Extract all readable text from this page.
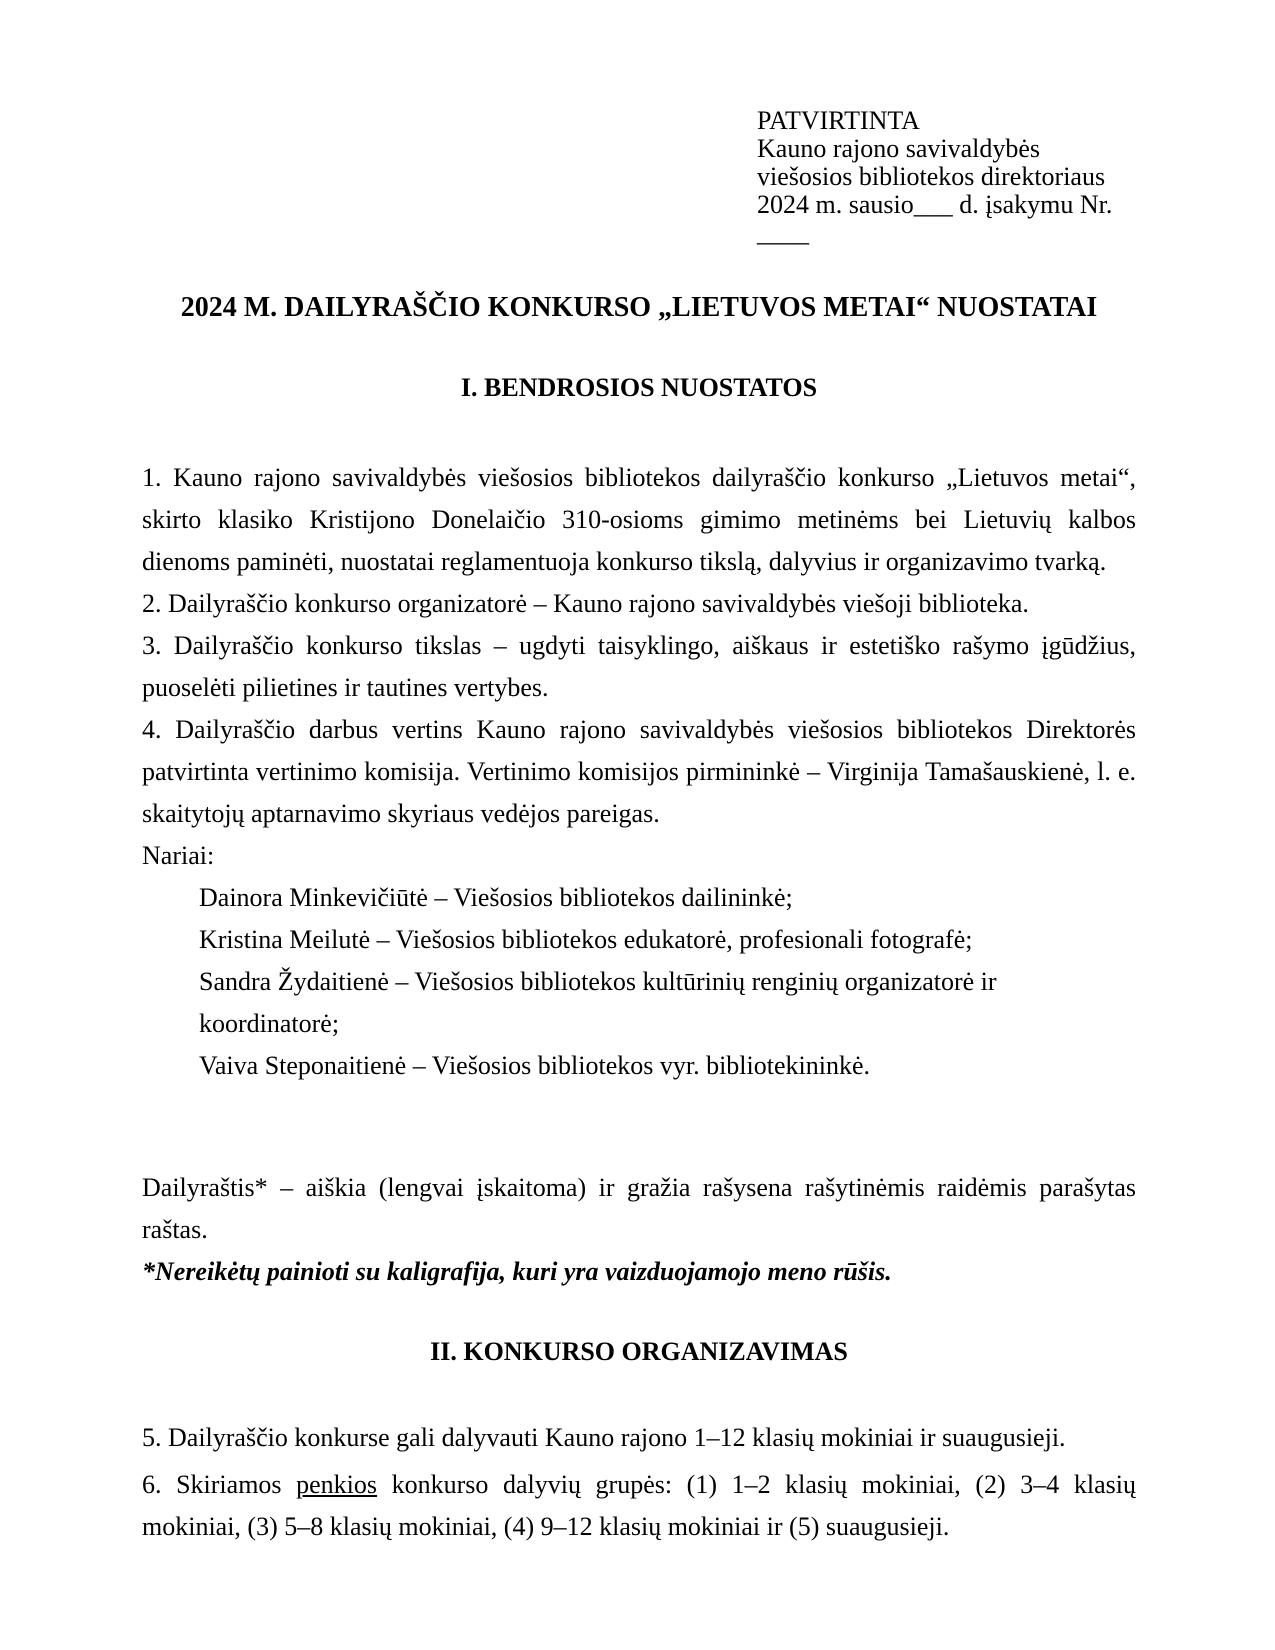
PATVIRTINTA
Kauno rajono savivaldybės
viešosios bibliotekos direktoriaus
2024 m. sausio___ d. įsakymu Nr. ____
2024 M. DAILYRAŠČIO KONKURSO „LIETUVOS METAI“ NUOSTATAI
I. BENDROSIOS NUOSTATOS

1. Kauno rajono savivaldybės viešosios bibliotekos dailyraščio konkurso „Lietuvos metai“, skirto klasiko Kristijono Donelaičio 310-osioms gimimo metinėms bei Lietuvių kalbos dienoms paminėti, nuostatai reglamentuoja konkurso tikslą, dalyvius ir organizavimo tvarką.

2. Dailyraščio konkurso organizatorė – Kauno rajono savivaldybės viešoji biblioteka.

3. Dailyraščio konkurso tikslas – ugdyti taisyklingo, aiškaus ir estetiško rašymo įgūdžius, puoselėti pilietines ir tautines vertybes.

4. Dailyraščio darbus vertins Kauno rajono savivaldybės viešosios bibliotekos Direktorės patvirtinta vertinimo komisija. Vertinimo komisijos pirmininkė – Virginija Tamašauskienė, l. e. skaitytojų aptarnavimo skyriaus vedėjos pareigas.

Nariai:

Dainora Minkevičiūtė – Viešosios bibliotekos dailininkė;

Kristina Meilutė – Viešosios bibliotekos edukatorė, profesionali fotografė;

Sandra Žydaitienė – Viešosios bibliotekos kultūrinių renginių organizatorė ir koordinatorė;

Vaiva Steponaitienė – Viešosios bibliotekos vyr. bibliotekininkė.

Dailyraštis* – aiškia (lengvai įskaitoma) ir gražia rašysena rašytinėmis raidėmis parašytas raštas.

*Nereikėtų painioti su kaligrafija, kuri yra vaizduojamojo meno rūšis.

II. KONKURSO ORGANIZAVIMAS

5. Dailyraščio konkurse gali dalyvauti Kauno rajono 1–12 klasių mokiniai ir suaugusieji.

6. Skiriamos penkios konkurso dalyvių grupės: (1) 1–2 klasių mokiniai, (2) 3–4 klasių mokiniai, (3) 5–8 klasių mokiniai, (4) 9–12 klasių mokiniai ir (5) suaugusieji.
